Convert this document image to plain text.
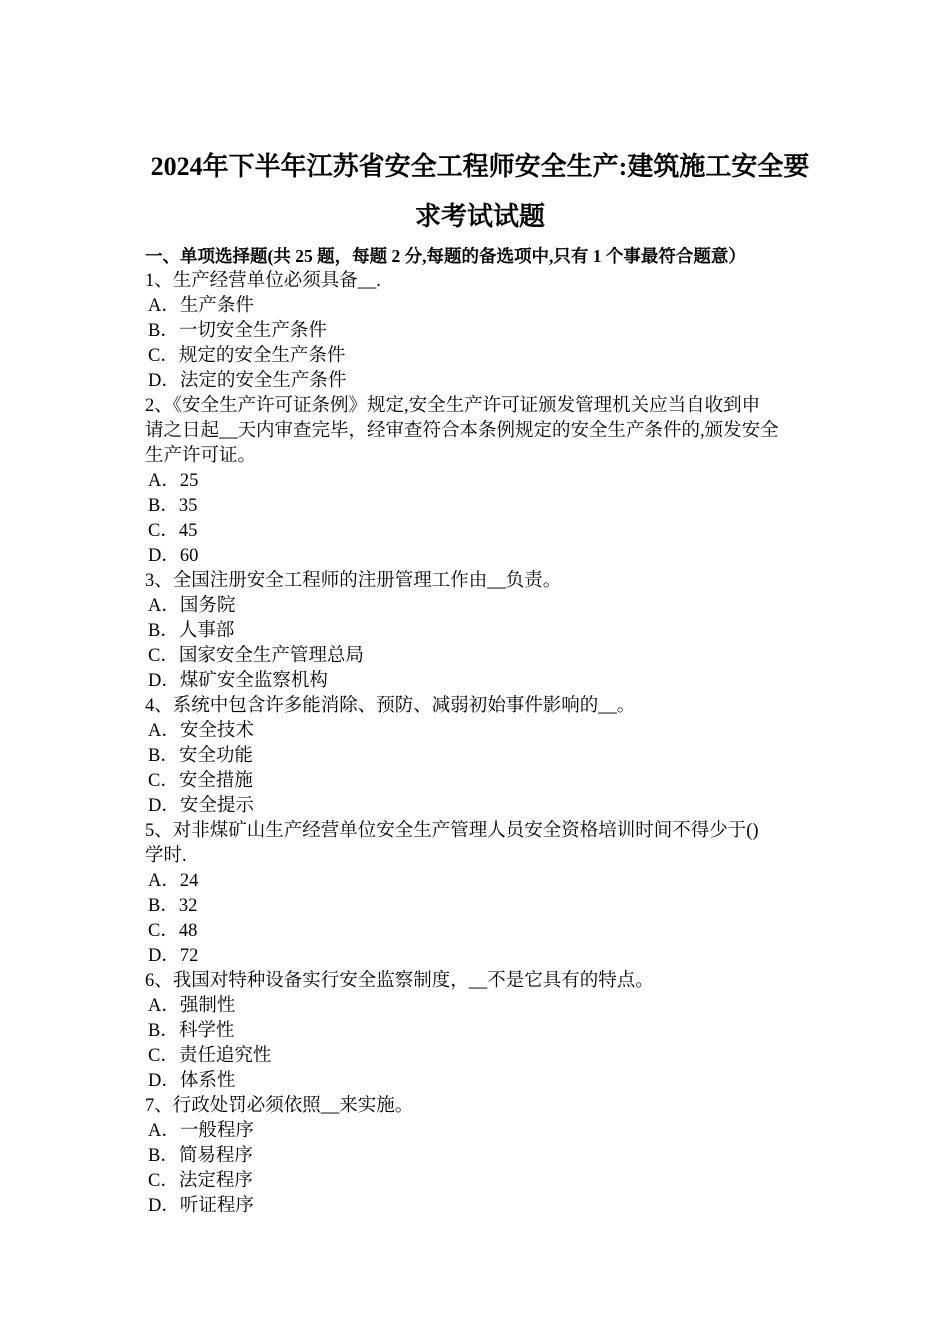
2024年下半年江苏省安全工程师安全生产:建筑施工安全要
求考试试题
一、单项选择题(共 25 题，每题 2 分,每题的备选项中,只有 1 个事最符合题意）
1、生产经营单位必须具备__.
A．生产条件
B．一切安全生产条件
C．规定的安全生产条件
D．法定的安全生产条件
2、《安全生产许可证条例》规定,安全生产许可证颁发管理机关应当自收到申
请之日起__天内审查完毕，经审查符合本条例规定的安全生产条件的,颁发安全
生产许可证。
A．25
B．35
C．45
D．60
3、全国注册安全工程师的注册管理工作由__负责。
A．国务院
B．人事部
C．国家安全生产管理总局
D．煤矿安全监察机构
4、系统中包含许多能消除、预防、减弱初始事件影响的__。
A．安全技术
B．安全功能
C．安全措施
D．安全提示
5、对非煤矿山生产经营单位安全生产管理人员安全资格培训时间不得少于()
学时.
A．24
B．32
C．48
D．72
6、我国对特种设备实行安全监察制度，__不是它具有的特点。
A．强制性
B．科学性
C．责任追究性
D．体系性
7、行政处罚必须依照__来实施。
A．一般程序
B．简易程序
C．法定程序
D．听证程序
